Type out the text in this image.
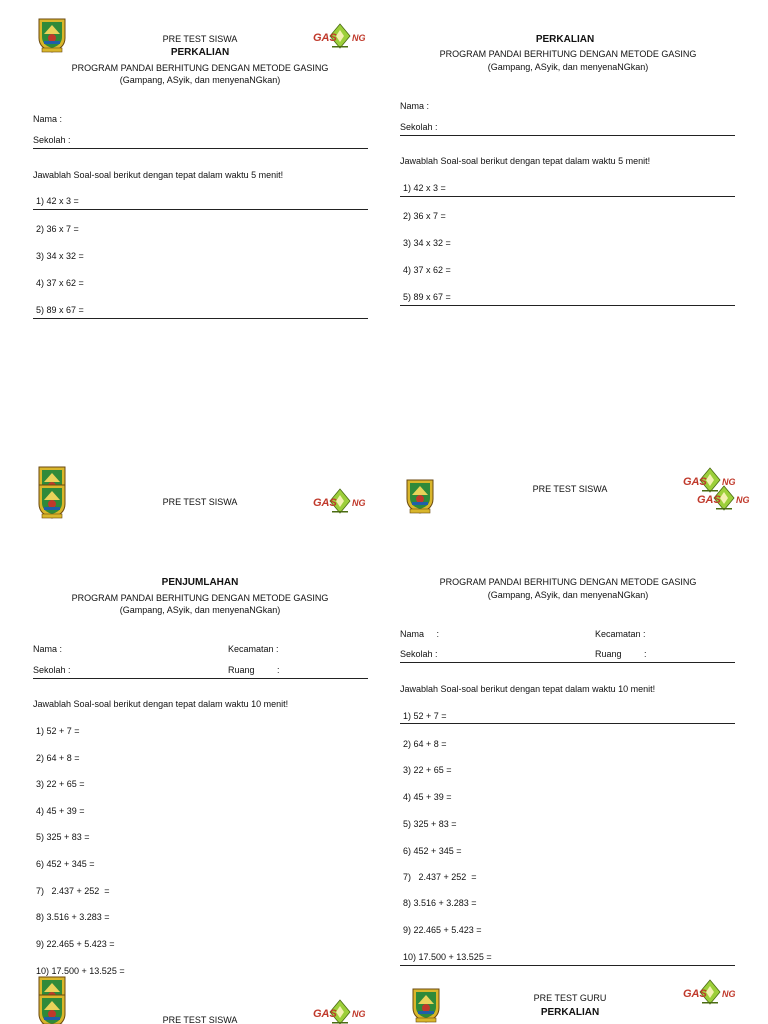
PRE TEST SISWA
PERKALIAN
PROGRAM PANDAI BERHITUNG DENGAN METODE GASING
(Gampang, ASyik, dan menyenaNGkan)
Nama :
Sekolah :
Jawablah Soal-soal berikut dengan tepat dalam waktu 5 menit!
1) 42 x 3 =
2) 36 x 7 =
3) 34 x 32 =
4) 37 x 62 =
5) 89 x 67 =
PERKALIAN
PROGRAM PANDAI BERHITUNG DENGAN METODE GASING
(Gampang, ASyik, dan menyenaNGkan)
Nama :
Sekolah :
Jawablah Soal-soal berikut dengan tepat dalam waktu 5 menit!
1) 42 x 3 =
2) 36 x 7 =
3) 34 x 32 =
4) 37 x 62 =
5) 89 x 67 =
PRE TEST SISWA
PENJUMLAHAN
PROGRAM PANDAI BERHITUNG DENGAN METODE GASING
(Gampang, ASyik, dan menyenaNGkan)
Nama :	Kecamatan :
Sekolah :	Ruang         :
Jawablah Soal-soal berikut dengan tepat dalam waktu 10 menit!
1) 52 + 7 =
2) 64 + 8 =
3) 22 + 65 =
4) 45 + 39 =
5) 325 + 83 =
6) 452 + 345 =
7)   2.437 + 252  =
8) 3.516 + 3.283 =
9) 22.465 + 5.423 =
10) 17.500 + 13.525 =
PRE TEST SISWA
PROGRAM PANDAI BERHITUNG DENGAN METODE GASING
(Gampang, ASyik, dan menyenaNGkan)
Nama     :	Kecamatan :
Sekolah :	Ruang         :
Jawablah Soal-soal berikut dengan tepat dalam waktu 10 menit!
1) 52 + 7 =
2) 64 + 8 =
3) 22 + 65 =
4) 45 + 39 =
5) 325 + 83 =
6) 452 + 345 =
7)   2.437 + 252  =
8) 3.516 + 3.283 =
9) 22.465 + 5.423 =
10) 17.500 + 13.525 =
PRE TEST SISWA
PRE TEST GURU
PERKALIAN
